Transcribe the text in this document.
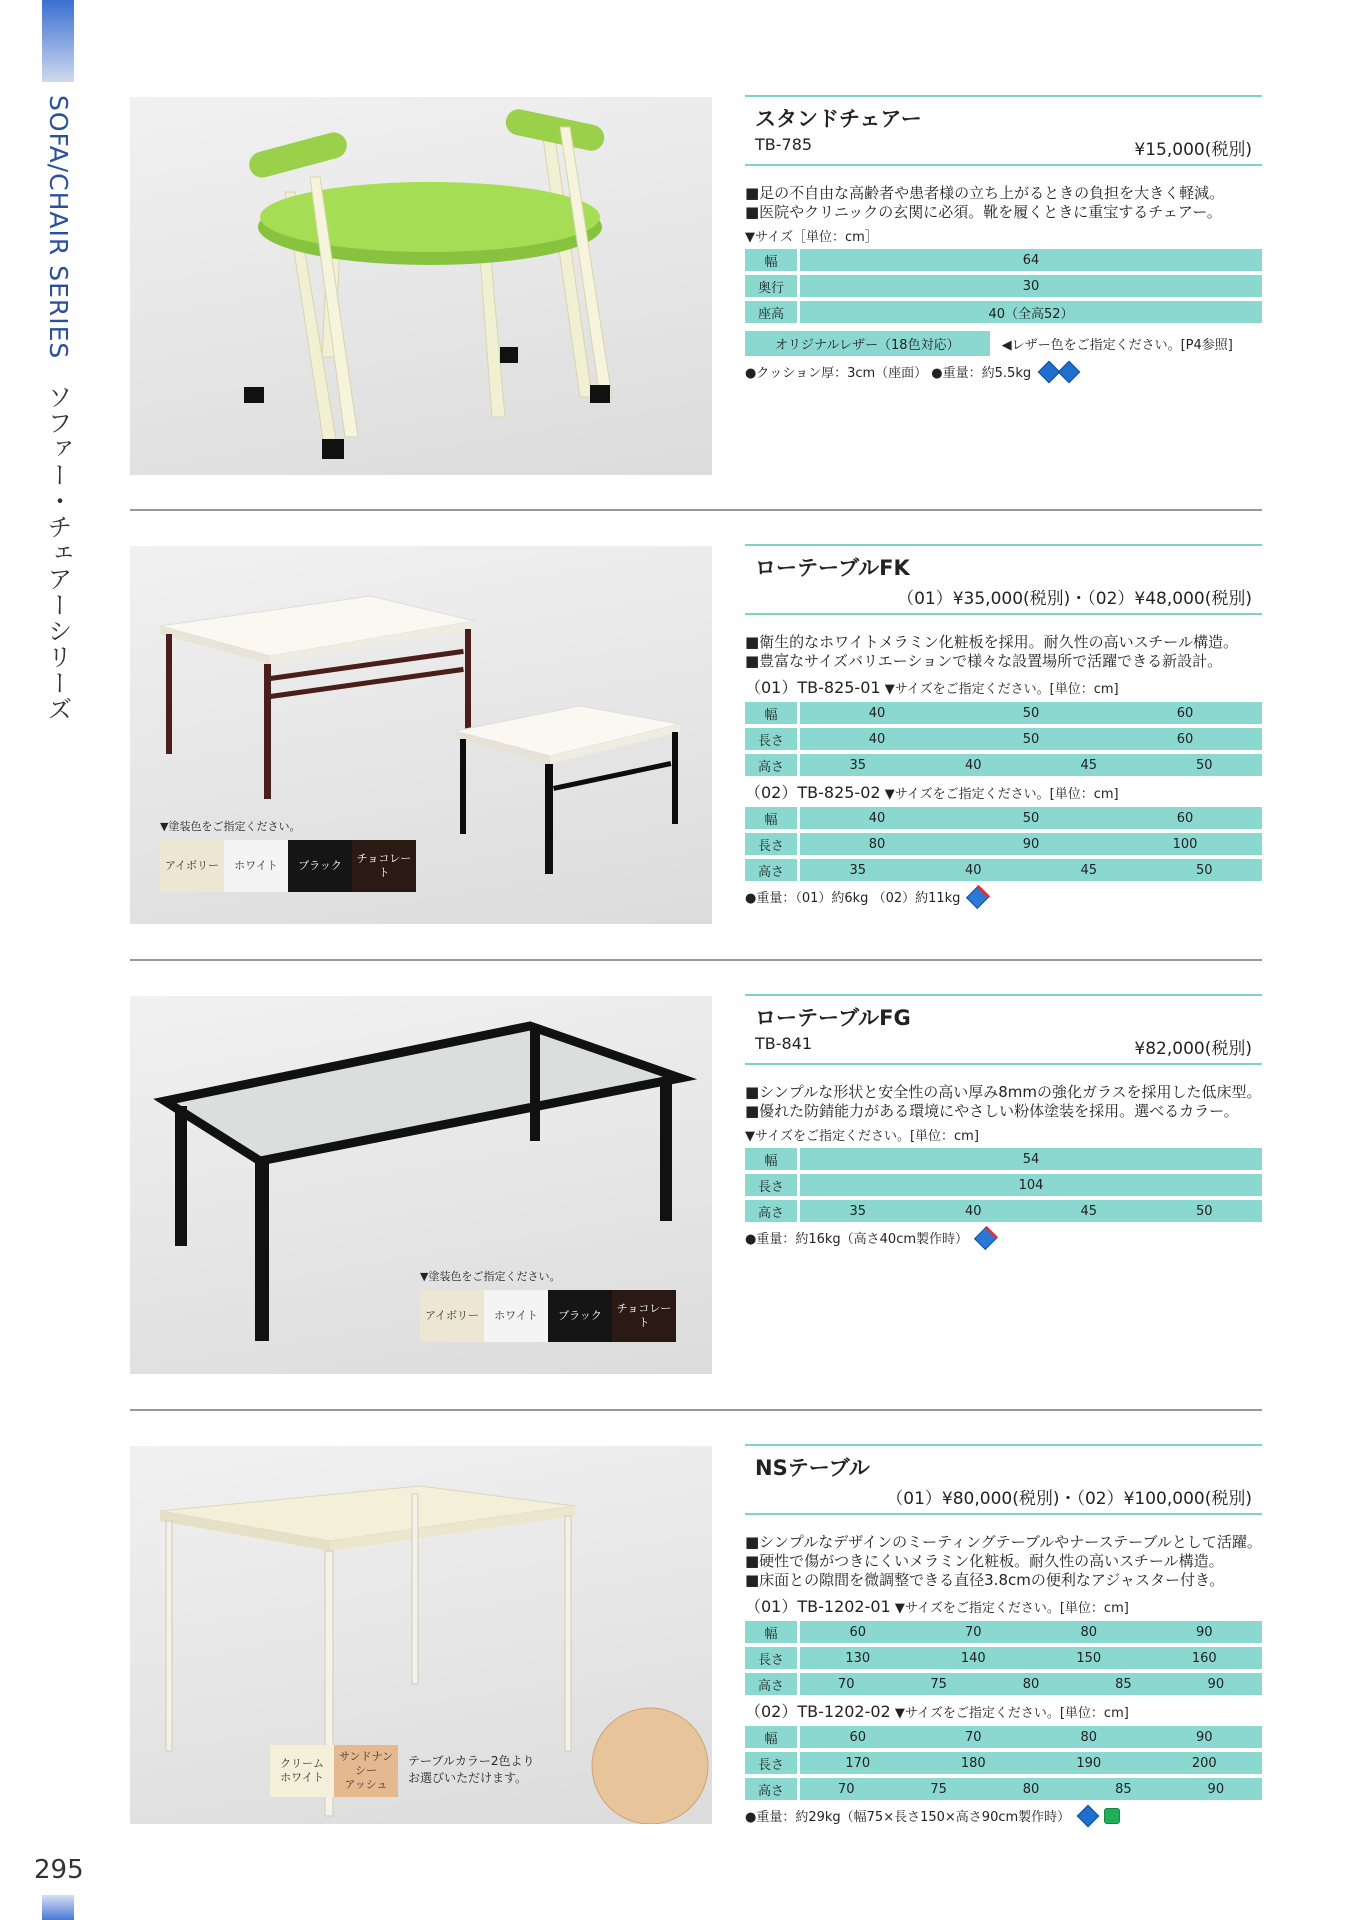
SOFA/CHAIR SERIES ソファー・チェアーシリーズ
295
スタンドチェアー
TB-785	¥15,000(税別)
■足の不自由な高齢者や患者様の立ち上がるときの負担を大きく軽減。
■医院やクリニックの玄関に必須。靴を履くときに重宝するチェアー。
▼サイズ［単位：cm］
幅	64
奥行	30
座高	40（全高52）
オリジナルレザー（18色対応）	◀レザー色をご指定ください。[P4参照]
●クッション厚：3cm（座面） ●重量：約5.5kg
▼塗装色をご指定ください。
アイボリー	ホワイト	ブラック
チョコレート
ローテーブルFK
（01）¥35,000(税別)・（02）¥48,000(税別)
■衛生的なホワイトメラミン化粧板を採用。耐久性の高いスチール構造。
■豊富なサイズバリエーションで様々な設置場所で活躍できる新設計。
（01）TB-825-01 ▼サイズをご指定ください。[単位：cm]
幅	40	50	60
長さ	40	50	60
高さ	35	40	45	50
（02）TB-825-02 ▼サイズをご指定ください。[単位：cm]
幅	40	50	60
長さ	80	90	100
高さ	35	40	45	50
●重量：（01）約6kg （02）約11kg
▼塗装色をご指定ください。
アイボリー	ホワイト	ブラック
チョコレート
ローテーブルFG
TB-841	¥82,000(税別)
■シンプルな形状と安全性の高い厚み8mmの強化ガラスを採用した低床型。
■優れた防錆能力がある環境にやさしい粉体塗装を採用。選べるカラー。
▼サイズをご指定ください。[単位：cm]
幅	54
長さ	104
高さ	35	40	45	50
●重量：約16kg（高さ40cm製作時）
クリーム
ホワイト
サンドナンシー
アッシュ
テーブルカラー2色より
お選びいただけます。
NSテーブル
（01）¥80,000(税別)・（02）¥100,000(税別)
■シンプルなデザインのミーティングテーブルやナーステーブルとして活躍。
■硬性で傷がつきにくいメラミン化粧板。耐久性の高いスチール構造。
■床面との隙間を微調整できる直径3.8cmの便利なアジャスター付き。
（01）TB-1202-01 ▼サイズをご指定ください。[単位：cm]
幅	60	70	80	90
長さ	130	140	150	160
高さ	70	75	80	85	90
（02）TB-1202-02 ▼サイズをご指定ください。[単位：cm]
幅	60	70	80	90
長さ	170	180	190	200
高さ	70	75	80	85	90
●重量：約29kg（幅75×長さ150×高さ90cm製作時）
